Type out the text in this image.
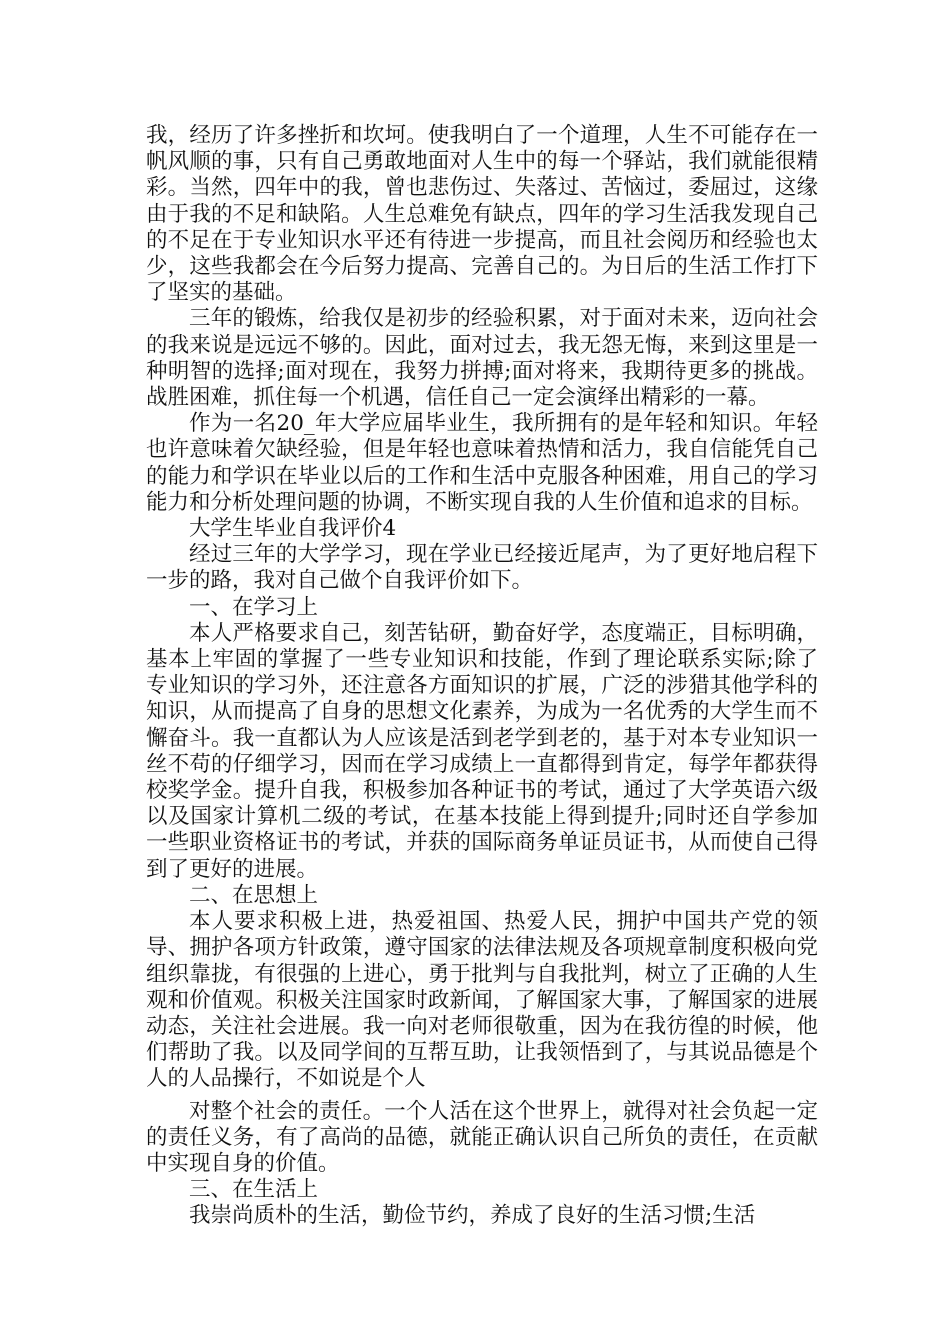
我，经历了许多挫折和坎坷。使我明白了一个道理，人生不可能存在一帆风顺的事，只有自己勇敢地面对人生中的每一个驿站，我们就能很精彩。当然，四年中的我，曾也悲伤过、失落过、苦恼过，委屈过，这缘由于我的不足和缺陷。人生总难免有缺点，四年的学习生活我发现自己的不足在于专业知识水平还有待进一步提高，而且社会阅历和经验也太少，这些我都会在今后努力提高、完善自己的。为日后的生活工作打下了坚实的基础。

三年的锻炼，给我仅是初步的经验积累，对于面对未来，迈向社会的我来说是远远不够的。因此，面对过去，我无怨无悔，来到这里是一种明智的选择;面对现在，我努力拼搏;面对将来，我期待更多的挑战。战胜困难，抓住每一个机遇，信任自己一定会演绎出精彩的一幕。

作为一名20_年大学应届毕业生，我所拥有的是年轻和知识。年轻也许意味着欠缺经验，但是年轻也意味着热情和活力，我自信能凭自己的能力和学识在毕业以后的工作和生活中克服各种困难，用自己的学习能力和分析处理问题的协调，不断实现自我的人生价值和追求的目标。

大学生毕业自我评价4

经过三年的大学学习，现在学业已经接近尾声，为了更好地启程下一步的路，我对自己做个自我评价如下。

一、在学习上

本人严格要求自己，刻苦钻研，勤奋好学，态度端正，目标明确，基本上牢固的掌握了一些专业知识和技能，作到了理论联系实际;除了专业知识的学习外，还注意各方面知识的扩展，广泛的涉猎其他学科的知识，从而提高了自身的思想文化素养，为成为一名优秀的大学生而不懈奋斗。我一直都认为人应该是活到老学到老的，基于对本专业知识一丝不苟的仔细学习，因而在学习成绩上一直都得到肯定，每学年都获得校奖学金。提升自我，积极参加各种证书的考试，通过了大学英语六级以及国家计算机二级的考试，在基本技能上得到提升;同时还自学参加一些职业资格证书的考试，并获的国际商务单证员证书，从而使自己得到了更好的进展。

二、在思想上

本人要求积极上进，热爱祖国、热爱人民，拥护中国共产党的领导、拥护各项方针政策，遵守国家的法律法规及各项规章制度积极向党组织靠拢，有很强的上进心，勇于批判与自我批判，树立了正确的人生观和价值观。积极关注国家时政新闻，了解国家大事，了解国家的进展动态，关注社会进展。我一向对老师很敬重，因为在我彷徨的时候，他们帮助了我。以及同学间的互帮互助，让我领悟到了，与其说品德是个人的人品操行，不如说是个人

对整个社会的责任。一个人活在这个世界上，就得对社会负起一定的责任义务，有了高尚的品德，就能正确认识自己所负的责任，在贡献中实现自身的价值。

三、在生活上

我崇尚质朴的生活，勤俭节约，养成了良好的生活习惯;生活
